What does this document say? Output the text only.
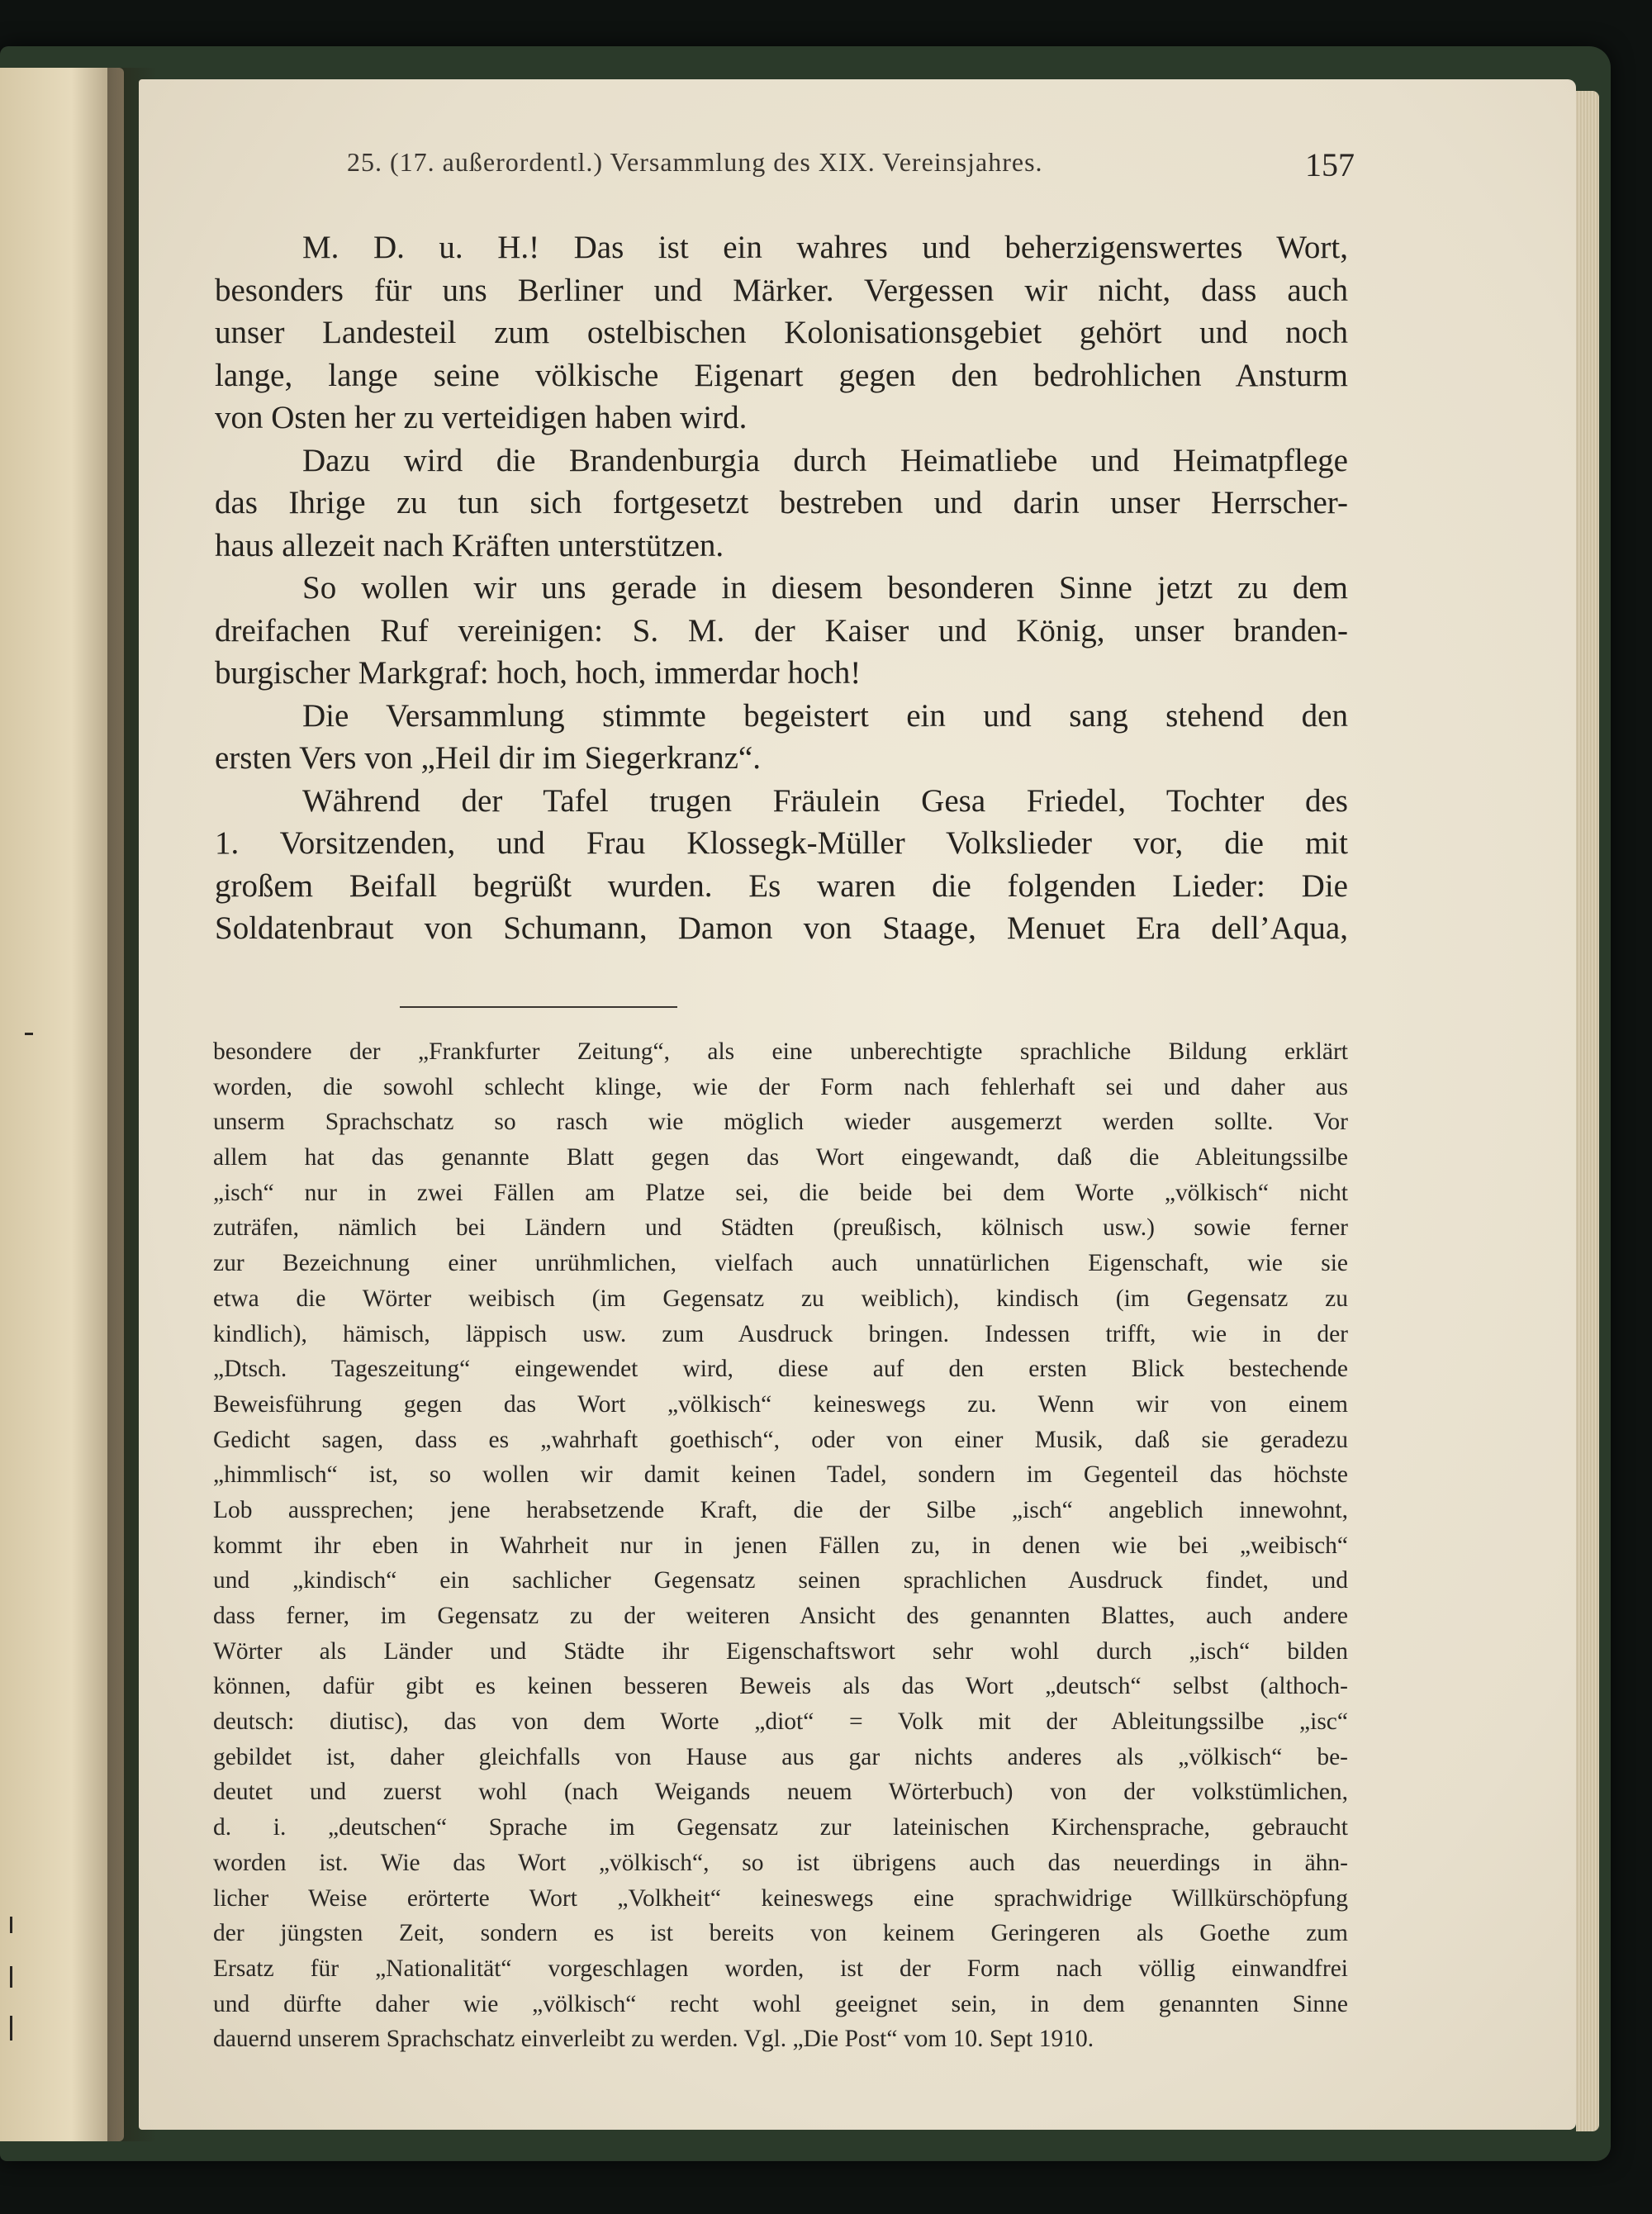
25. (17. außerordentl.) Versammlung des XIX. Vereinsjahres.	157
M. D. u. H.! Das ist ein wahres und beherzigenswertes Wort,
besonders für uns Berliner und Märker. Vergessen wir nicht, dass auch
unser Landesteil zum ostelbischen Kolonisationsgebiet gehört und noch
lange, lange seine völkische Eigenart gegen den bedrohlichen Ansturm
von Osten her zu verteidigen haben wird.
Dazu wird die Brandenburgia durch Heimatliebe und Heimatpflege
das Ihrige zu tun sich fortgesetzt bestreben und darin unser Herrscher-
haus allezeit nach Kräften unterstützen.
So wollen wir uns gerade in diesem besonderen Sinne jetzt zu dem
dreifachen Ruf vereinigen: S. M. der Kaiser und König, unser branden-
burgischer Markgraf: hoch, hoch, immerdar hoch!
Die Versammlung stimmte begeistert ein und sang stehend den
ersten Vers von „Heil dir im Siegerkranz“.
Während der Tafel trugen Fräulein Gesa Friedel, Tochter des
1. Vorsitzenden, und Frau Klossegk-Müller Volkslieder vor, die mit
großem Beifall begrüßt wurden. Es waren die folgenden Lieder: Die
Soldatenbraut von Schumann, Damon von Staage, Menuet Era dell’Aqua,
besondere der „Frankfurter Zeitung“, als eine unberechtigte sprachliche Bildung erklärt
worden, die sowohl schlecht klinge, wie der Form nach fehlerhaft sei und daher aus
unserm Sprachschatz so rasch wie möglich wieder ausgemerzt werden sollte. Vor
allem hat das genannte Blatt gegen das Wort eingewandt, daß die Ableitungssilbe
„isch“ nur in zwei Fällen am Platze sei, die beide bei dem Worte „völkisch“ nicht
zuträfen, nämlich bei Ländern und Städten (preußisch, kölnisch usw.) sowie ferner
zur Bezeichnung einer unrühmlichen, vielfach auch unnatürlichen Eigenschaft, wie sie
etwa die Wörter weibisch (im Gegensatz zu weiblich), kindisch (im Gegensatz zu
kindlich), hämisch, läppisch usw. zum Ausdruck bringen. Indessen trifft, wie in der
„Dtsch. Tageszeitung“ eingewendet wird, diese auf den ersten Blick bestechende
Beweisführung gegen das Wort „völkisch“ keineswegs zu. Wenn wir von einem
Gedicht sagen, dass es „wahrhaft goethisch“, oder von einer Musik, daß sie geradezu
„himmlisch“ ist, so wollen wir damit keinen Tadel, sondern im Gegenteil das höchste
Lob aussprechen; jene herabsetzende Kraft, die der Silbe „isch“ angeblich innewohnt,
kommt ihr eben in Wahrheit nur in jenen Fällen zu, in denen wie bei „weibisch“
und „kindisch“ ein sachlicher Gegensatz seinen sprachlichen Ausdruck findet, und
dass ferner, im Gegensatz zu der weiteren Ansicht des genannten Blattes, auch andere
Wörter als Länder und Städte ihr Eigenschaftswort sehr wohl durch „isch“ bilden
können, dafür gibt es keinen besseren Beweis als das Wort „deutsch“ selbst (althoch-
deutsch: diutisc), das von dem Worte „diot“ = Volk mit der Ableitungssilbe „isc“
gebildet ist, daher gleichfalls von Hause aus gar nichts anderes als „völkisch“ be-
deutet und zuerst wohl (nach Weigands neuem Wörterbuch) von der volkstümlichen,
d. i. „deutschen“ Sprache im Gegensatz zur lateinischen Kirchensprache, gebraucht
worden ist. Wie das Wort „völkisch“, so ist übrigens auch das neuerdings in ähn-
licher Weise erörterte Wort „Volkheit“ keineswegs eine sprachwidrige Willkürschöpfung
der jüngsten Zeit, sondern es ist bereits von keinem Geringeren als Goethe zum
Ersatz für „Nationalität“ vorgeschlagen worden, ist der Form nach völlig einwandfrei
und dürfte daher wie „völkisch“ recht wohl geeignet sein, in dem genannten Sinne
dauernd unserem Sprachschatz einverleibt zu werden. Vgl. „Die Post“ vom 10. Sept 1910.
